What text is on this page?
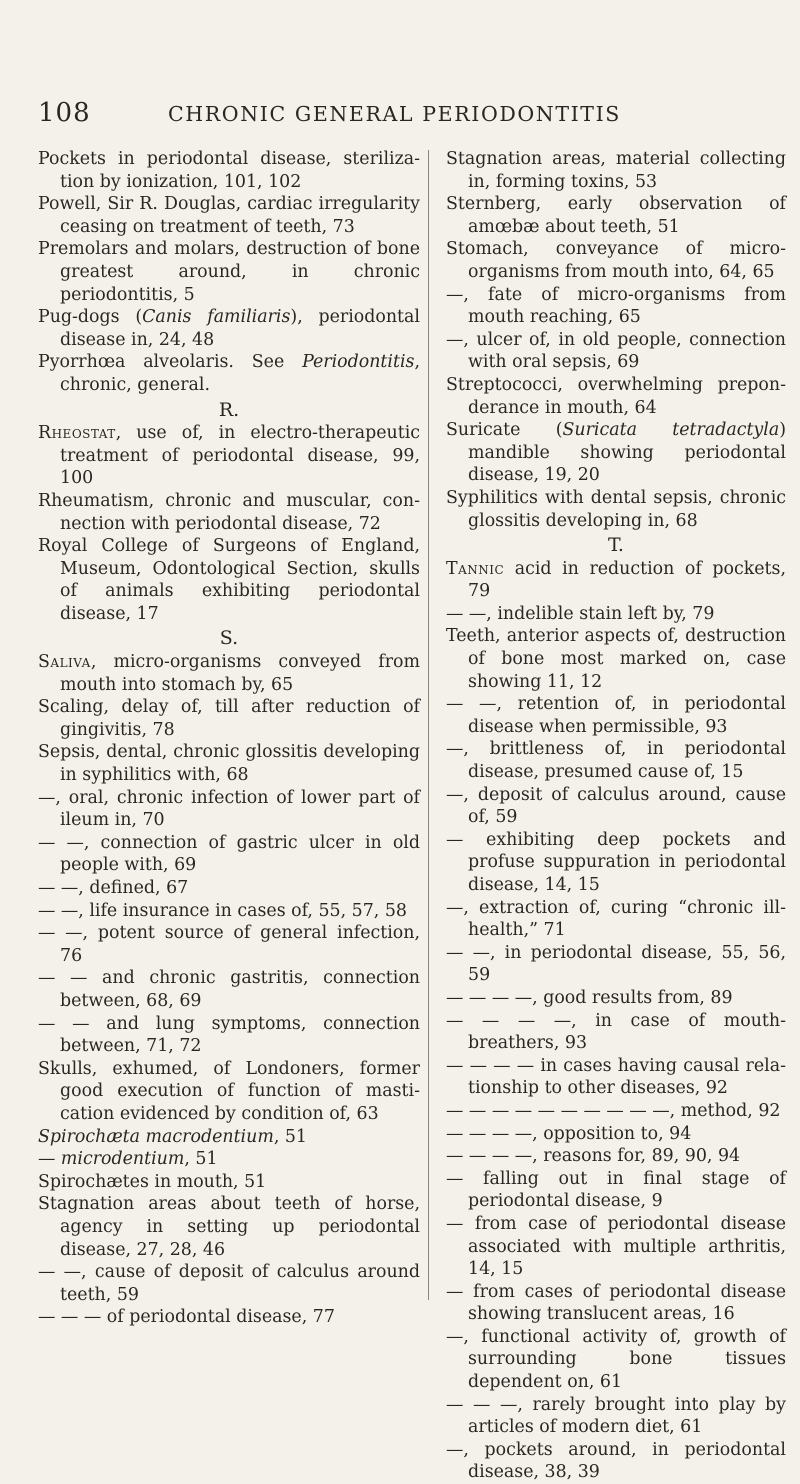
108	CHRONIC GENERAL PERIODONTITIS

Pockets in periodontal disease, sterilization by ionization, 101, 102

Powell, Sir R. Douglas, cardiac irregularity ceasing on treatment of teeth, 73

Premolars and molars, destruction of bone greatest around, in chronic periodontitis, 5

Pug-dogs (Canis familiaris), periodontal disease in, 24, 48

Pyorrhœa alveolaris. See Periodontitis, chronic, general.

R.

Rheostat, use of, in electro-therapeutic treatment of periodontal disease, 99, 100

Rheumatism, chronic and muscular, connection with periodontal disease, 72

Royal College of Surgeons of England, Museum, Odontological Section, skulls of animals exhibiting periodontal disease, 17

S.

Saliva, micro-organisms conveyed from mouth into stomach by, 65

Scaling, delay of, till after reduction of gingivitis, 78

Sepsis, dental, chronic glossitis developing in syphilitics with, 68

—, oral, chronic infection of lower part of ileum in, 70

— —, connection of gastric ulcer in old people with, 69

— —, defined, 67

— —, life insurance in cases of, 55, 57, 58

— —, potent source of general infection, 76

— — and chronic gastritis, connection between, 68, 69

— — and lung symptoms, connection between, 71, 72

Skulls, exhumed, of Londoners, former good execution of function of mastication evidenced by condition of, 63

Spirochæta macrodentium, 51

— microdentium, 51

Spirochætes in mouth, 51

Stagnation areas about teeth of horse, agency in setting up periodontal disease, 27, 28, 46

— —, cause of deposit of calculus around teeth, 59

— — — of periodontal disease, 77

Stagnation areas, material collecting in, forming toxins, 53

Sternberg, early observation of amœbæ about teeth, 51

Stomach, conveyance of micro-organisms from mouth into, 64, 65

—, fate of micro-organisms from mouth reaching, 65

—, ulcer of, in old people, connection with oral sepsis, 69

Streptococci, overwhelming preponderance in mouth, 64

Suricate (Suricata tetradactyla) mandible showing periodontal disease, 19, 20

Syphilitics with dental sepsis, chronic glossitis developing in, 68

T.

Tannic acid in reduction of pockets, 79

— —, indelible stain left by, 79

Teeth, anterior aspects of, destruction of bone most marked on, case showing 11, 12

— —, retention of, in periodontal disease when permissible, 93

—, brittleness of, in periodontal disease, presumed cause of, 15

—, deposit of calculus around, cause of, 59

— exhibiting deep pockets and profuse suppuration in periodontal disease, 14, 15

—, extraction of, curing “chronic ill-health,” 71

— —, in periodontal disease, 55, 56, 59

— — — —, good results from, 89

— — — —, in case of mouth-breathers, 93

— — — — in cases having causal relationship to other diseases, 92

— — — — — — — — — —, method, 92

— — — —, opposition to, 94

— — — —, reasons for, 89, 90, 94

— falling out in final stage of periodontal disease, 9

— from case of periodontal disease associated with multiple arthritis, 14, 15

— from cases of periodontal disease showing translucent areas, 16

—, functional activity of, growth of surrounding bone tissues dependent on, 61

— — —, rarely brought into play by articles of modern diet, 61

—, pockets around, in periodontal disease, 38, 39
